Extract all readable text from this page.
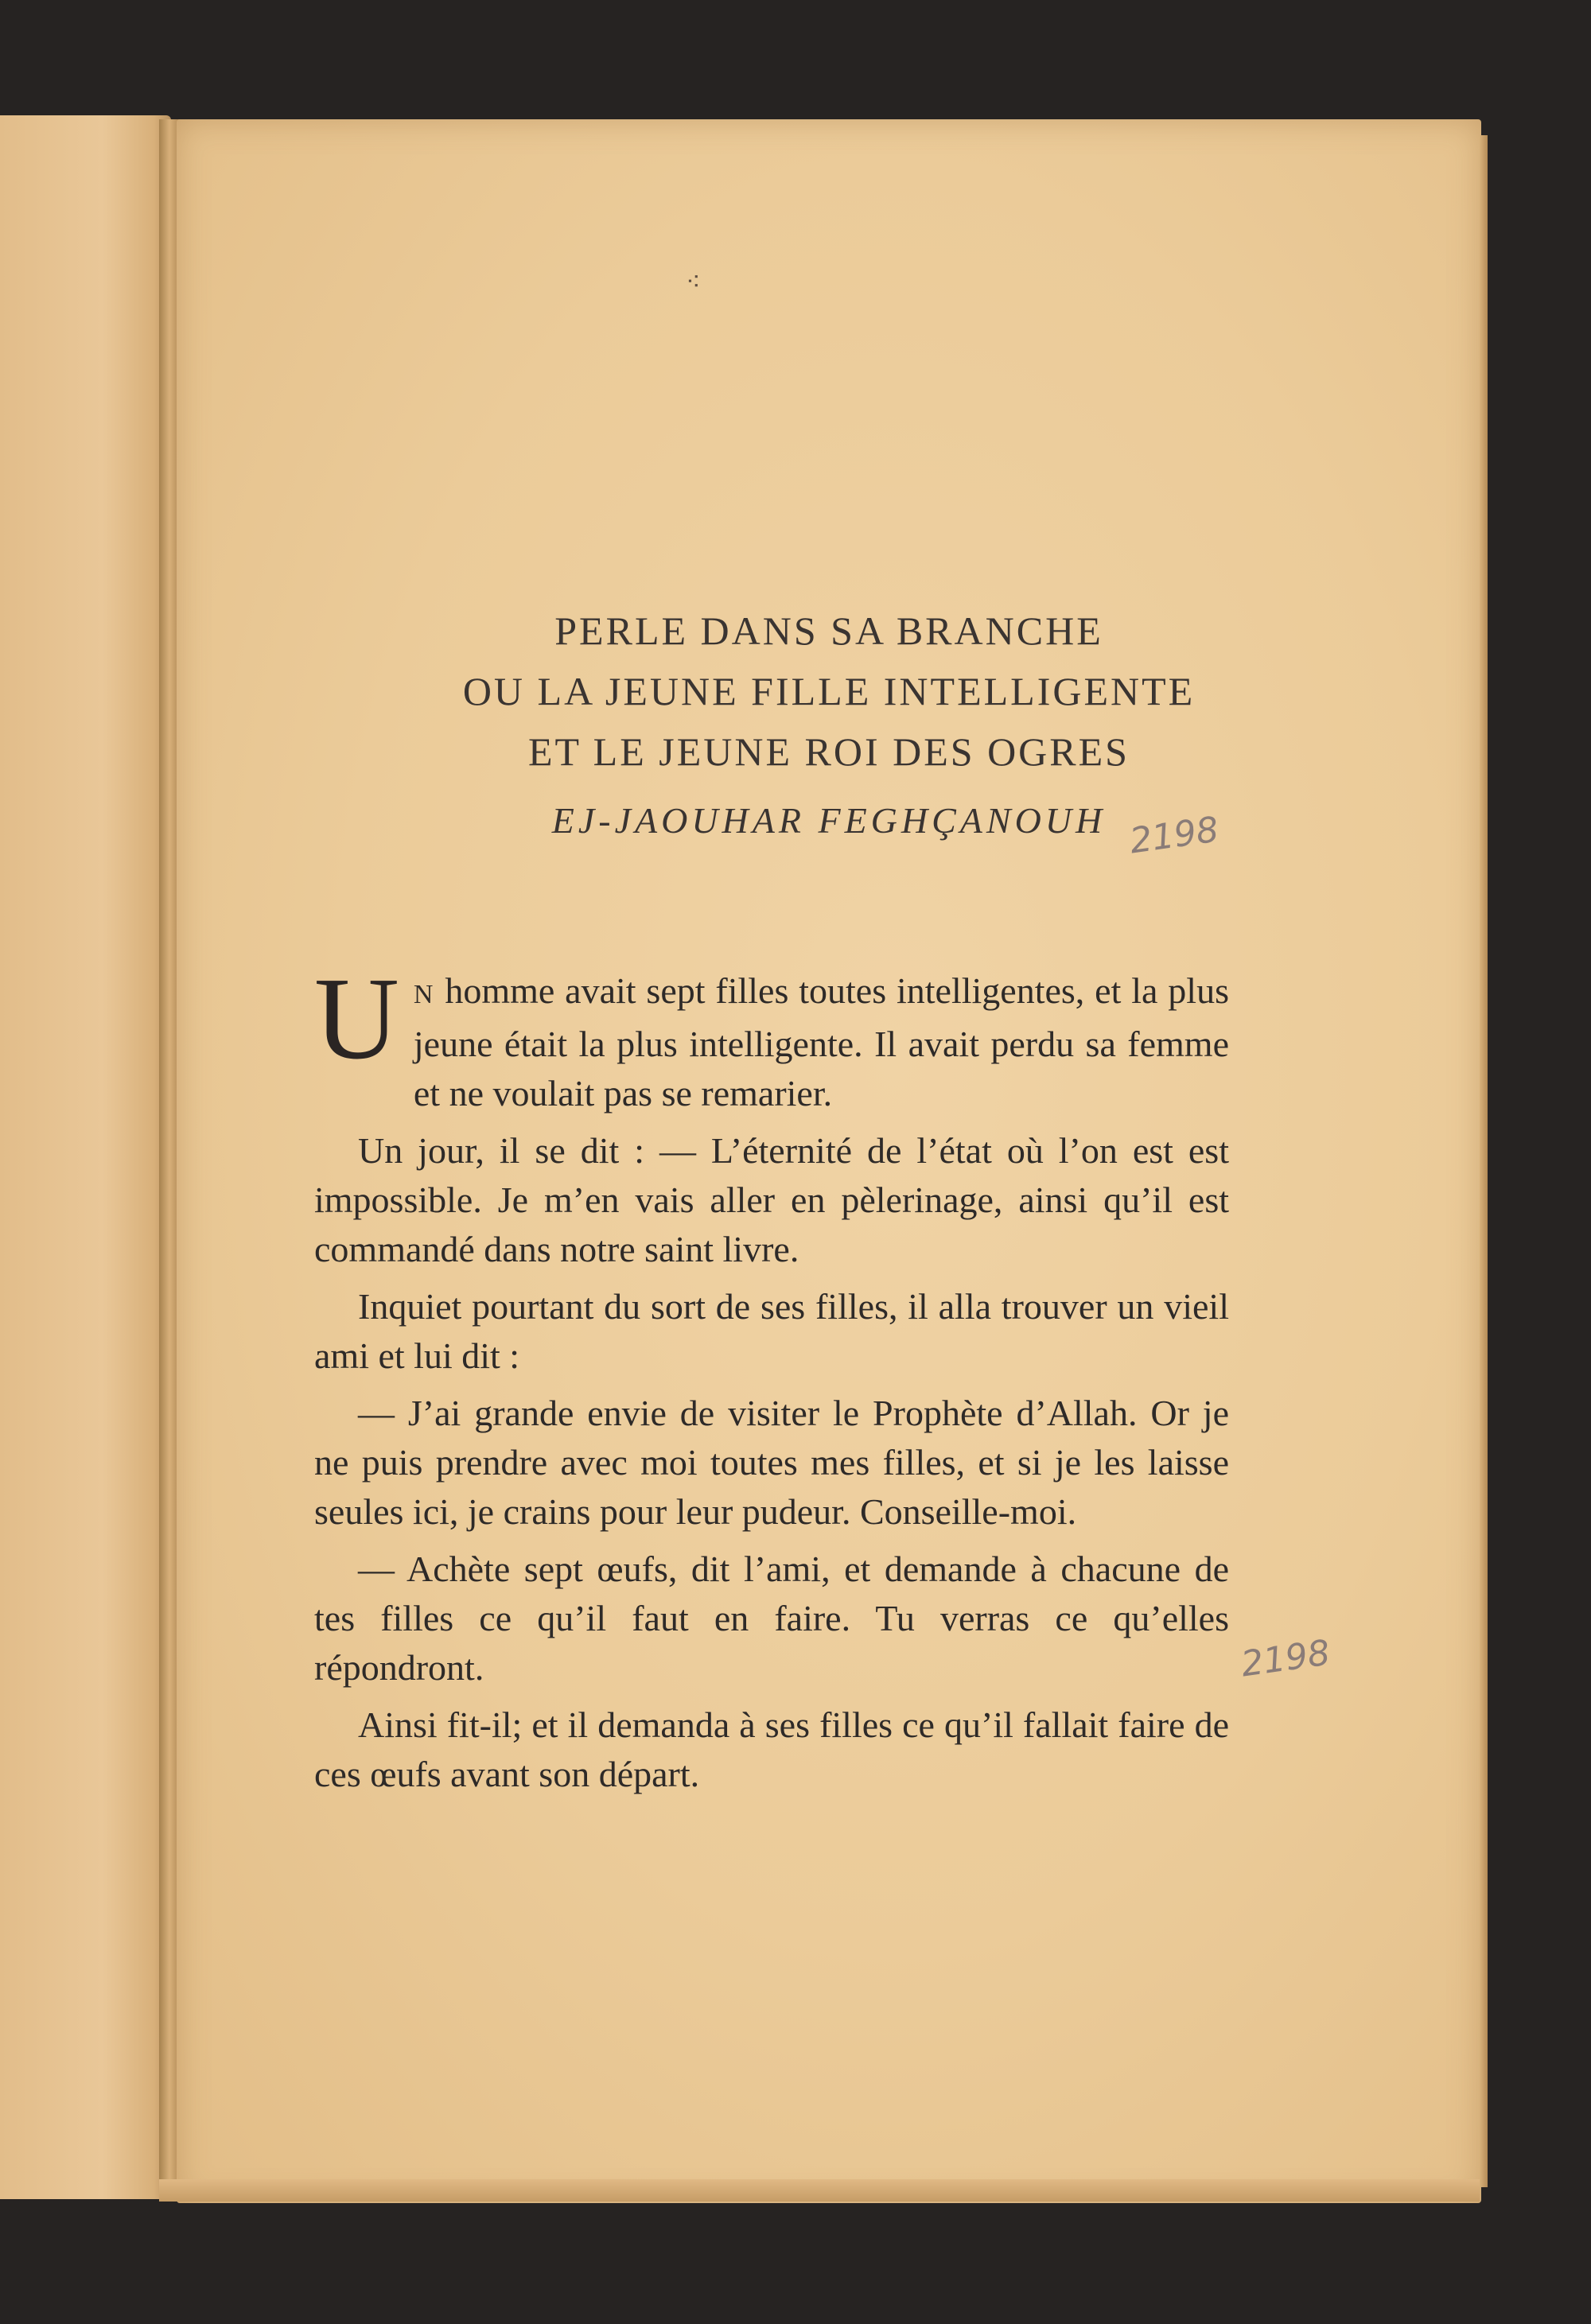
⁖
PERLE DANS SA BRANCHE
OU LA JEUNE FILLE INTELLIGENTE
ET LE JEUNE ROI DES OGRES
EJ-JAOUHAR FEGHÇANOUH 2198
2198

U N homme avait sept filles toutes intelligentes, et la plus jeune était la plus intelligente. Il avait perdu sa femme et ne voulait pas se remarier.

Un jour, il se dit : — L’éternité de l’état où l’on est est impossible. Je m’en vais aller en pèlerinage, ainsi qu’il est commandé dans notre saint livre.

Inquiet pourtant du sort de ses filles, il alla trouver un vieil ami et lui dit :

— J’ai grande envie de visiter le Prophète d’Allah. Or je ne puis prendre avec moi toutes mes filles, et si je les laisse seules ici, je crains pour leur pudeur. Conseille-moi.

— Achète sept œufs, dit l’ami, et demande à chacune de tes filles ce qu’il faut en faire. Tu verras ce qu’elles répondront.

Ainsi fit-il; et il demanda à ses filles ce qu’il fallait faire de ces œufs avant son départ.
